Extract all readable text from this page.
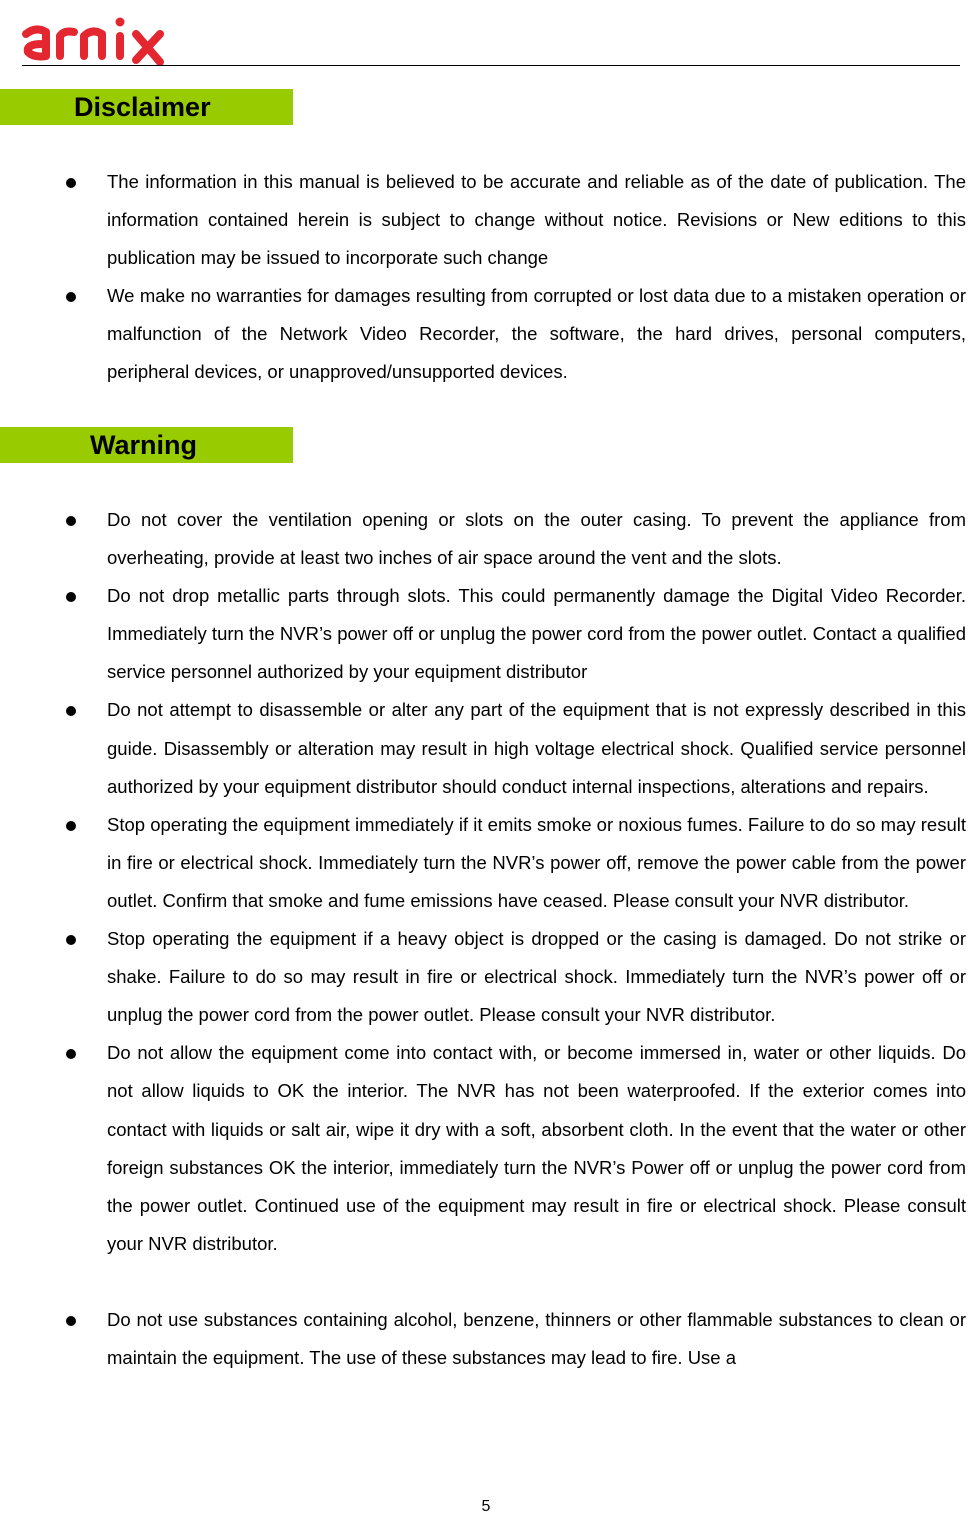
Disclaimer
The information in this manual is believed to be accurate and reliable as of the date of publication. The information contained herein is subject to change without notice. Revisions or New editions to this publication may be issued to incorporate such change
We make no warranties for damages resulting from corrupted or lost data due to a mistaken operation or malfunction of the Network Video Recorder, the software, the hard drives, personal computers, peripheral devices, or unapproved/unsupported devices.
Warning
Do not cover the ventilation opening or slots on the outer casing. To prevent the appliance from overheating, provide at least two inches of air space around the vent and the slots.
Do not drop metallic parts through slots. This could permanently damage the Digital Video Recorder. Immediately turn the NVR’s power off or unplug the power cord from the power outlet. Contact a qualified service personnel authorized by your equipment distributor
Do not attempt to disassemble or alter any part of the equipment that is not expressly described in this guide. Disassembly or alteration may result in high voltage electrical shock. Qualified service personnel authorized by your equipment distributor should conduct internal inspections, alterations and repairs.
Stop operating the equipment immediately if it emits smoke or noxious fumes. Failure to do so may result in fire or electrical shock. Immediately turn the NVR’s power off, remove the power cable from the power outlet. Confirm that smoke and fume emissions have ceased. Please consult your NVR distributor.
Stop operating the equipment if a heavy object is dropped or the casing is damaged. Do not strike or shake. Failure to do so may result in fire or electrical shock. Immediately turn the NVR’s power off or unplug the power cord from the power outlet. Please consult your NVR distributor.
Do not allow the equipment come into contact with, or become immersed in, water or other liquids. Do not allow liquids to OK the interior. The NVR has not been waterproofed. If the exterior comes into contact with liquids or salt air, wipe it dry with a soft, absorbent cloth. In the event that the water or other foreign substances OK the interior, immediately turn the NVR’s Power off or unplug the power cord from the power outlet. Continued use of the equipment may result in fire or electrical shock. Please consult your NVR distributor.
Do not use substances containing alcohol, benzene, thinners or other flammable substances to clean or maintain the equipment. The use of these substances may lead to fire. Use a
5
